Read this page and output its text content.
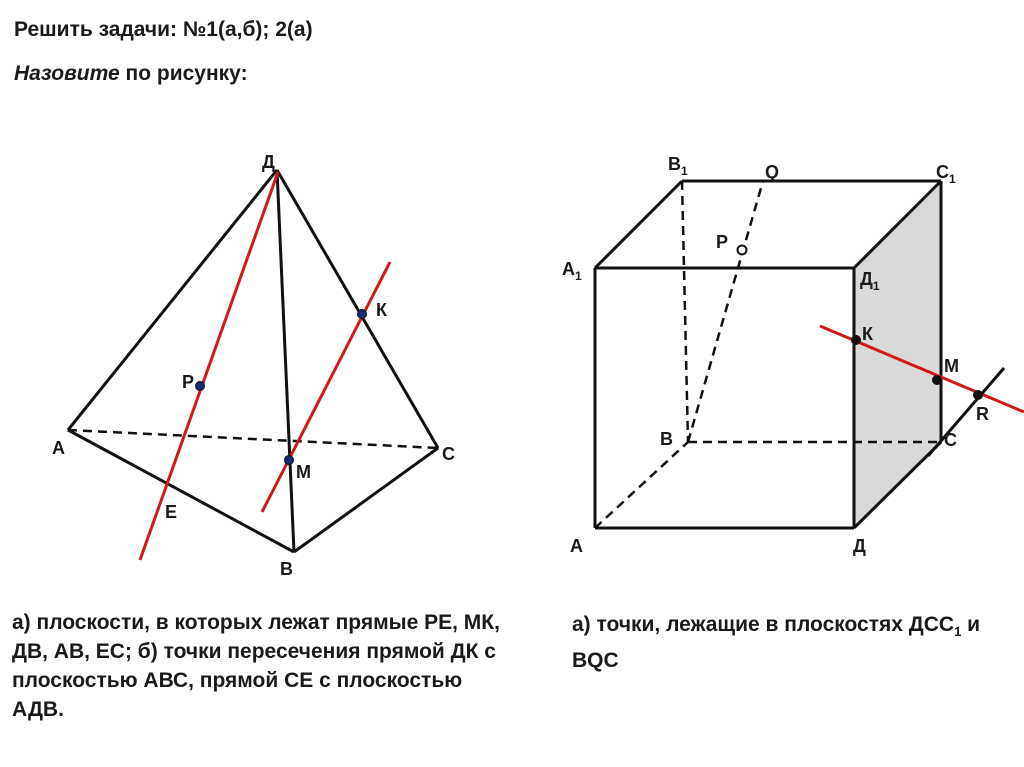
Решить задачи: №1(а,б); 2(а)
Назовите по рисунку:
Д
А	С
В
Р
Е
М
К
$В_1$	Q	$С_1$
$А_1$	$Д_1$
Р
К
М
R
В	С
А	Д
а) плоскости, в которых лежат прямые РЕ, МК, ДВ, АВ, ЕС; б) точки пересечения прямой ДК с плоскостью АВС, прямой СЕ с плоскостью АДВ.
а) точки, лежащие в плоскостях $ДСС_1$ и BQC
